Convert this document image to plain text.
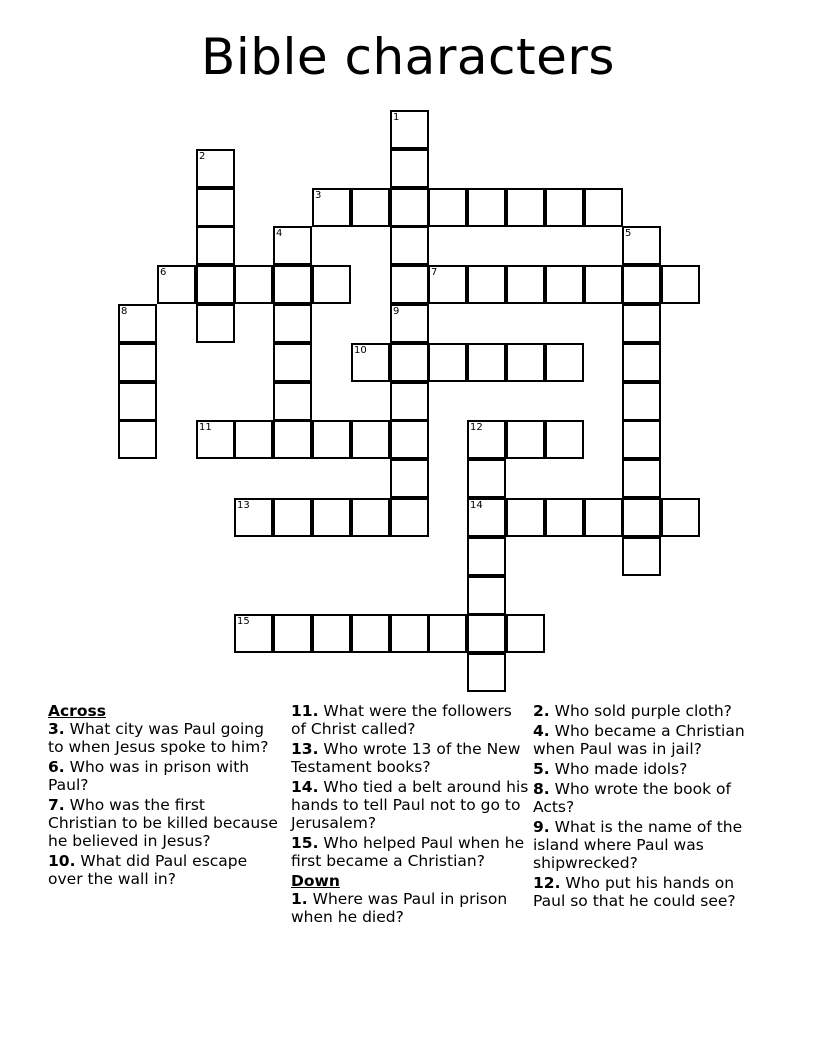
Bible characters
1
9
2
3
4	5
6	7
8
10
11	12
14
13
15
Across
3. What city was Paul going to when Jesus spoke to him?
6. Who was in prison with Paul?
7. Who was the first Christian to be killed because he believed in Jesus?
10. What did Paul escape over the wall in?
11. What were the followers of Christ called?
13. Who wrote 13 of the New Testament books?
14. Who tied a belt around his hands to tell Paul not to go to Jerusalem?
15. Who helped Paul when he first became a Christian?
Down
1. Where was Paul in prison when he died?
2. Who sold purple cloth?
4. Who became a Christian when Paul was in jail?
5. Who made idols?
8. Who wrote the book of Acts?
9. What is the name of the island where Paul was shipwrecked?
12. Who put his hands on Paul so that he could see?
